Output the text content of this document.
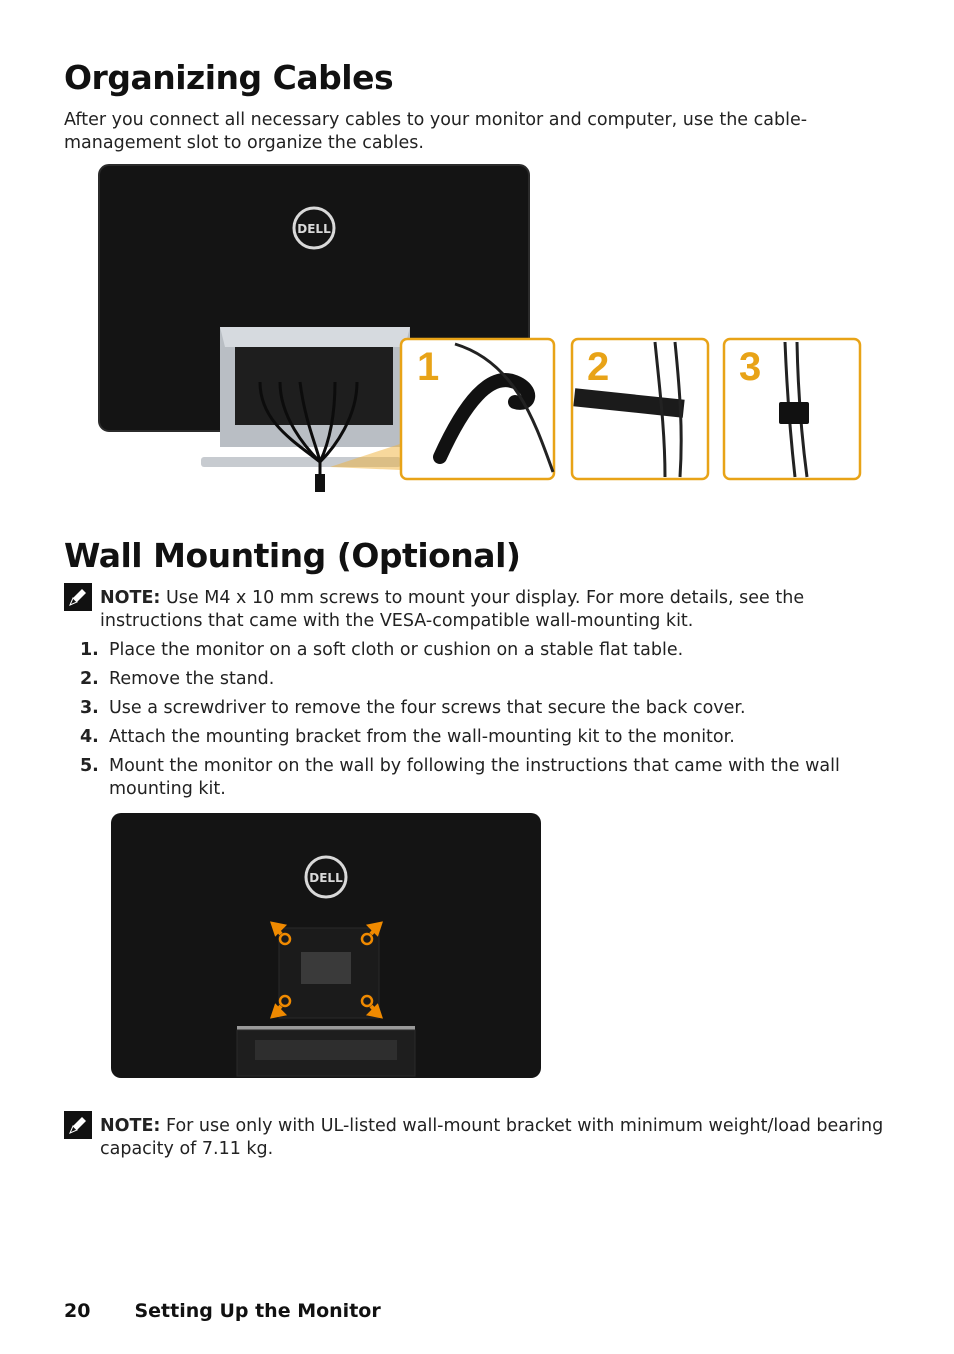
Organizing Cables

After you connect all necessary cables to your monitor and computer, use the cable-management slot to organize the cables.

DELL
1	2	3
Wall Mounting (Optional)
NOTE: Use M4 x 10 mm screws to mount your display. For more details, see the instructions that came with the VESA-compatible wall-mounting kit.
1. Place the monitor on a soft cloth or cushion on a stable flat table.
2. Remove the stand.
3. Use a screwdriver to remove the four screws that secure the back cover.
4. Attach the mounting bracket from the wall-mounting kit to the monitor.
5. Mount the monitor on the wall by following the instructions that came with the wall mounting kit.
DELL
NOTE: For use only with UL-listed wall-mount bracket with minimum weight/load bearing capacity of 7.11 kg.
20 Setting Up the Monitor
